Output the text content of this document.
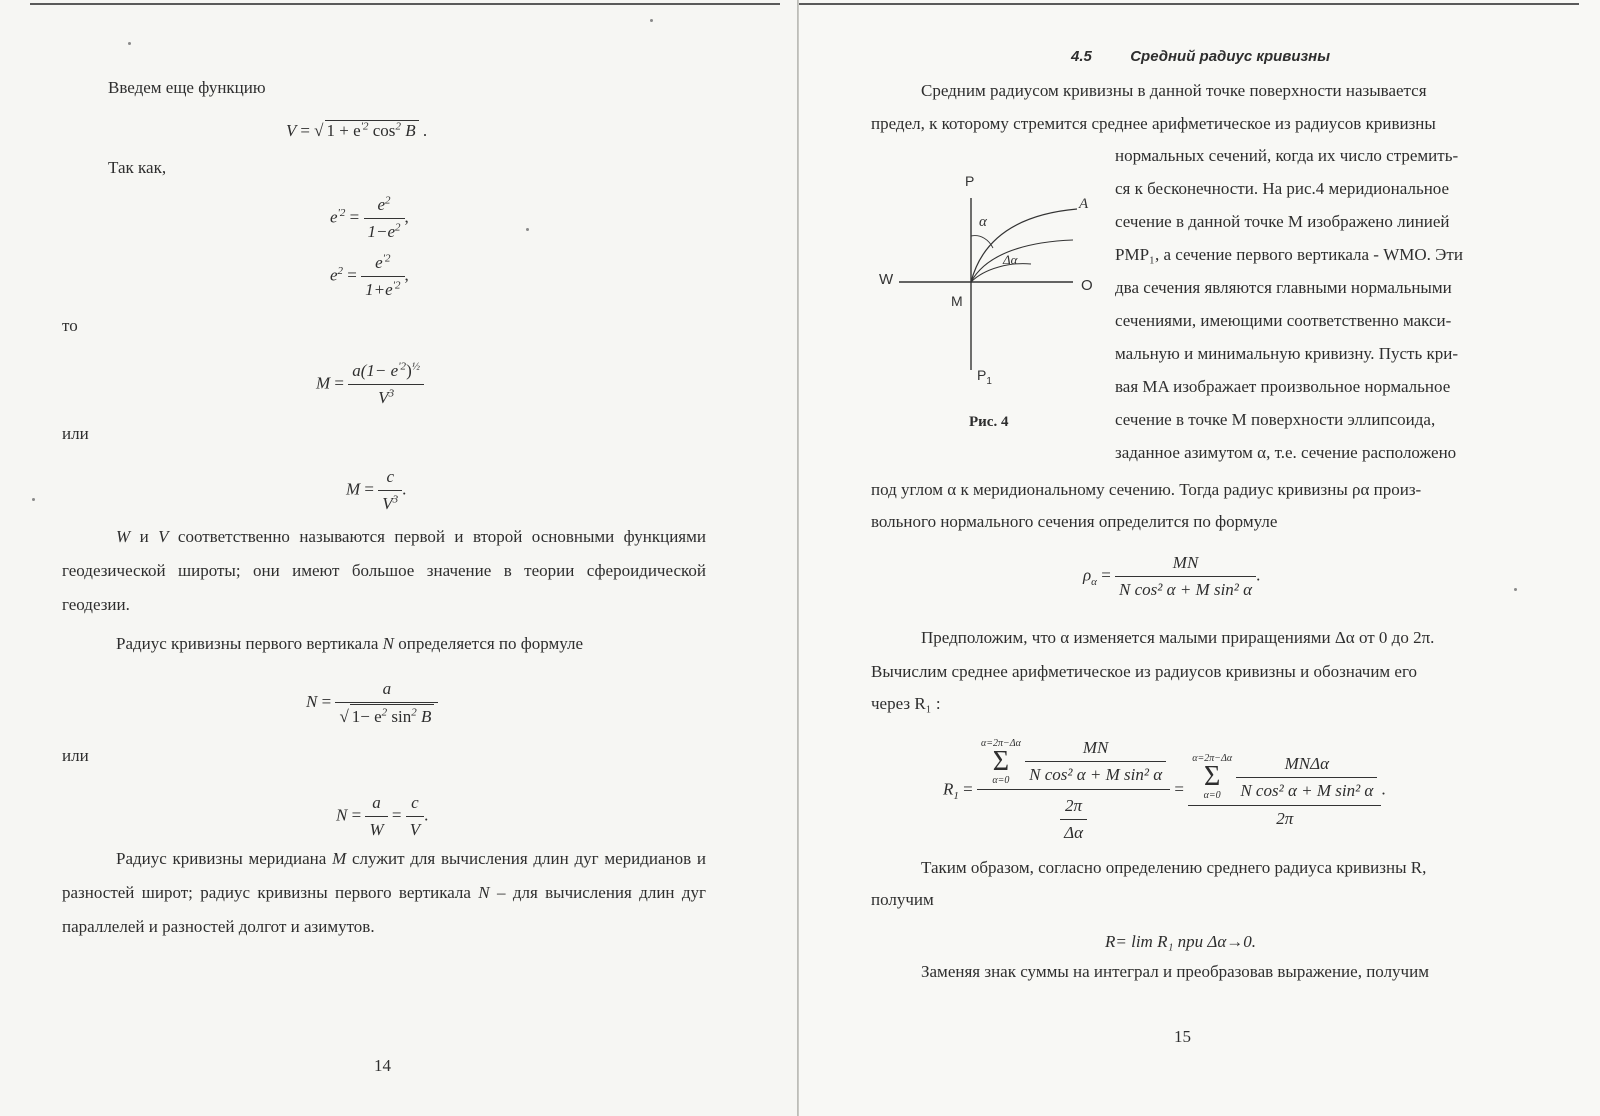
Введем еще функцию

V = √ $1 + e^{'2}$ $\cos^2 B$ .

Так как,

$e^{'2} = \frac{e^2}{1-e^2}$ ,
$e^2 = \frac{e^{'2}}{1+e^{'2}}$ ,

то

$M = \frac{a(1- e^{'2})^{\frac{1}{2}}}{V^3}$

или

$M = \frac{c}{V^3}$ .

W и V соответственно называются первой и второй основными функциями геодезической широты; они имеют большое значение в теории сфероидической геодезии.

Радиус кривизны первого вертикала N определяется по формуле

$N = \frac{a}{√ 1- e^2 \sin^2 B}$

или

$N = \frac{a}{W} = \frac{c}{V}$ .

Радиус кривизны меридиана M служит для вычисления длин дуг меридианов и разностей широт; радиус кривизны первого вертикала N – для вычисления длин дуг параллелей и разностей долгот и азимутов.

14

4.5	Средний радиус кривизны

Средним радиусом кривизны в данной точке поверхности называется

предел, к которому стремится среднее арифметическое из радиусов кривизны

нормальных сечений, когда их число стремить-

ся к бесконечности. На рис.4 меридиональное

сечение в данной точке M изображено линией

PMP₁, а сечение первого вертикала - WMO. Эти

два сечения являются главными нормальными

сечениями, имеющими соответственно макси-

мальную и минимальную кривизну. Пусть кри-

вая MA изображает произвольное нормальное

сечение в точке M поверхности эллипсоида,

заданное азимутом α, т.е. сечение расположено

P
A
W	O
M
α
Δα
$P_1$

Рис. 4

под углом α к меридиональному сечению. Тогда радиус кривизны ρα произ-

вольного нормального сечения определится по формуле

$\rho_\alpha = \frac{MN}{\text{N cos² α + M sin² α}}$ .

Предположим, что α изменяется малыми приращениями Δα от 0 до 2π.

Вычислим среднее арифметическое из радиусов кривизны и обозначим его

через R₁ :

$R_1 = \alpha=2\pi-\Delta\alpha$
Σ
$\alpha=0 \frac{MN}{\text{N cos² α + M sin² α}}$
$\frac{2\pi}{\Delta\alpha} = \alpha=2\pi-\Delta\alpha$
Σ
$\alpha=0 \frac{\text{MNΔα}}{\text{N cos² α + M sin² α}}$
2π .

Таким образом, согласно определению среднего радиуса кривизны R,

получим

R= lim R₁ при Δα→0.

Заменяя знак суммы на интеграл и преобразовав выражение, получим

15
